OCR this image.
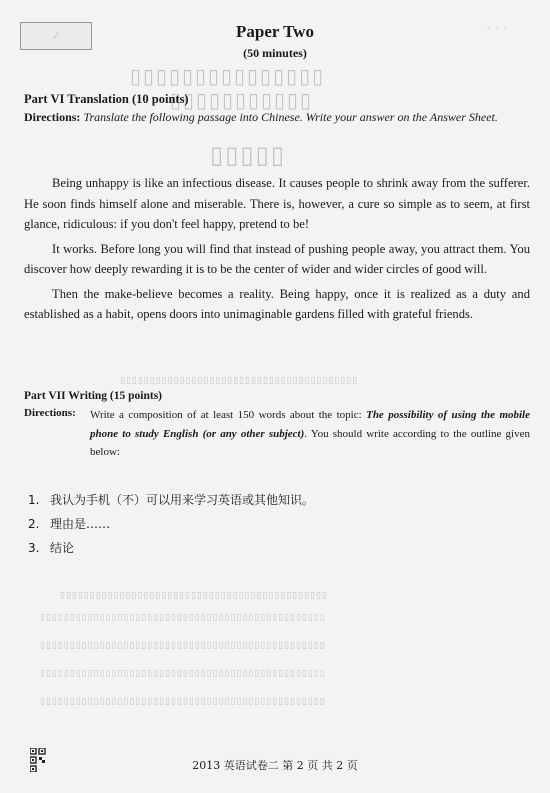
⁄
◦ ◦ ◦
▯▯▯▯▯▯▯▯▯▯▯▯▯▯▯
▯▯▯▯▯▯▯▯▯▯▯
▯▯▯▯▯
▯▯▯▯▯▯▯▯▯▯▯▯▯▯▯▯▯▯▯▯▯▯▯▯▯▯▯▯▯▯▯▯▯▯▯▯▯▯▯▯
▯▯▯▯▯▯▯▯▯▯▯▯▯▯▯▯▯▯▯▯▯▯▯▯▯▯▯▯▯▯▯▯▯▯▯▯▯▯▯▯▯▯▯▯▯
▯▯▯▯▯▯▯▯▯▯▯▯▯▯▯▯▯▯▯▯▯▯▯▯▯▯▯▯▯▯▯▯▯▯▯▯▯▯▯▯▯▯▯▯▯▯▯▯
▯▯▯▯▯▯▯▯▯▯▯▯▯▯▯▯▯▯▯▯▯▯▯▯▯▯▯▯▯▯▯▯▯▯▯▯▯▯▯▯▯▯▯▯▯▯▯▯
▯▯▯▯▯▯▯▯▯▯▯▯▯▯▯▯▯▯▯▯▯▯▯▯▯▯▯▯▯▯▯▯▯▯▯▯▯▯▯▯▯▯▯▯▯▯▯▯
▯▯▯▯▯▯▯▯▯▯▯▯▯▯▯▯▯▯▯▯▯▯▯▯▯▯▯▯▯▯▯▯▯▯▯▯▯▯▯▯▯▯▯▯▯▯▯▯
Paper Two
(50 minutes)
Part VI Translation (10 points)
Directions: Translate the following passage into Chinese. Write your answer on the Answer Sheet.

Being unhappy is like an infectious disease. It causes people to shrink away from the sufferer. He soon finds himself alone and miserable. There is, however, a cure so simple as to seem, at first glance, ridiculous: if you don't feel happy, pretend to be!

It works. Before long you will find that instead of pushing people away, you attract them. You discover how deeply rewarding it is to be the center of wider and wider circles of good will.

Then the make-believe becomes a reality. Being happy, once it is realized as a duty and established as a habit, opens doors into unimaginable gardens filled with grateful friends.

Part VII Writing (15 points)
Directions: Write a composition of at least 150 words about the topic: The possibility of using the mobile phone to study English (or any other subject). You should write according to the outline given below:
1. 我认为手机（不）可以用来学习英语或其他知识。
2. 理由是……
3. 结论
2013 英语试卷二 第 2 页 共 2 页
